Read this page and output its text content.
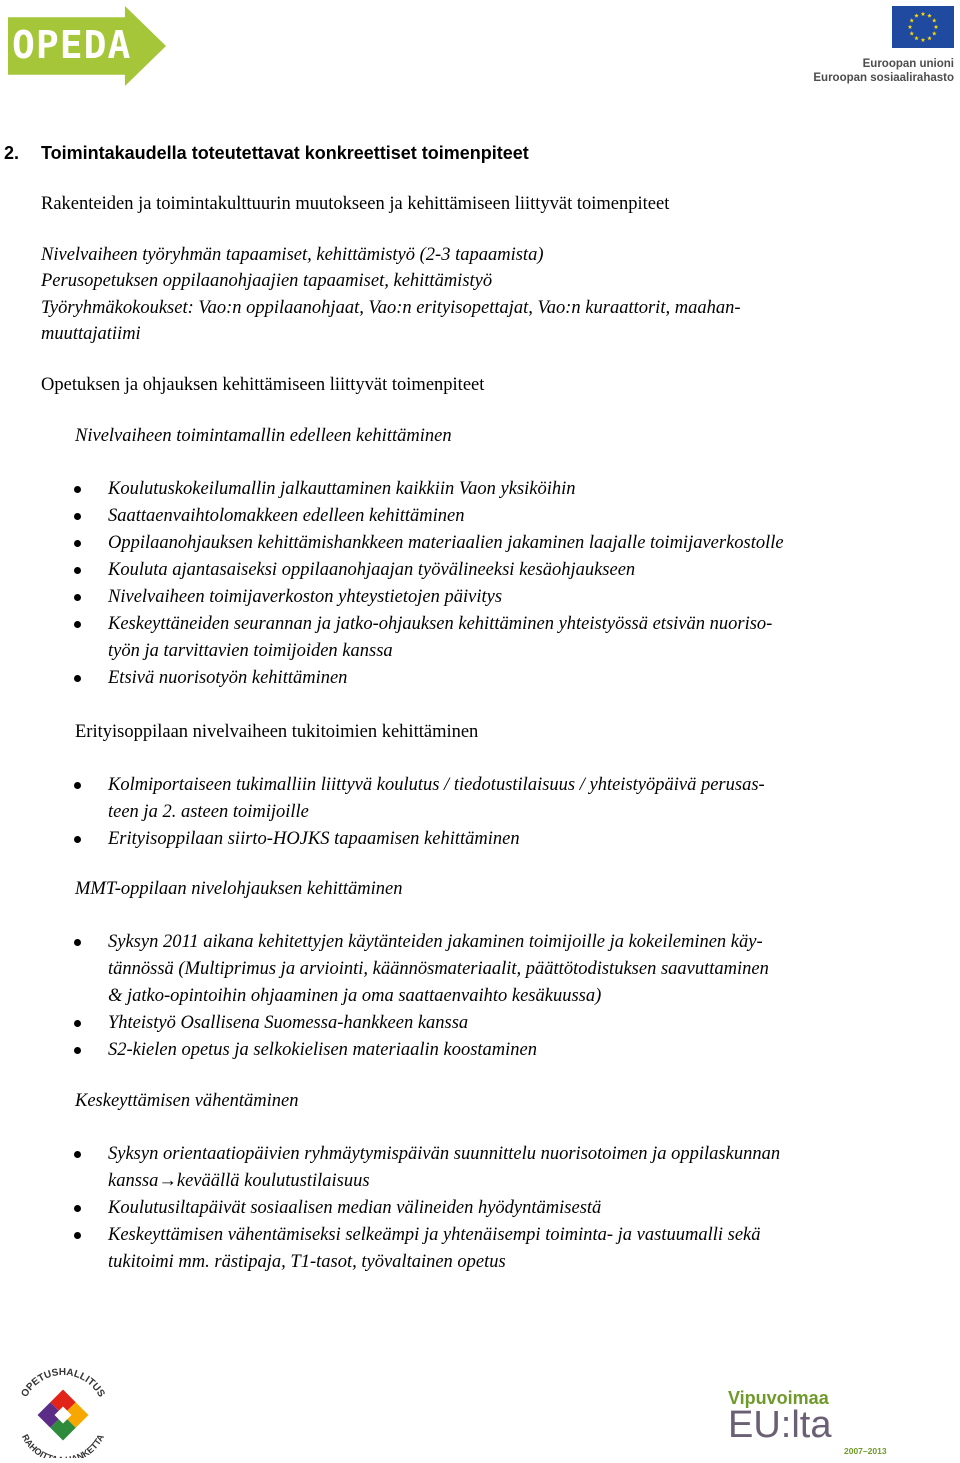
OPEDA	Euroopan unioni
Euroopan sosiaalirahasto
2. Toimintakaudella toteutettavat konkreettiset toimenpiteet
Rakenteiden ja toimintakulttuurin muutokseen ja kehittämiseen liittyvät toimenpiteet
Nivelvaiheen työryhmän tapaamiset, kehittämistyö (2-3 tapaamista)
Perusopetuksen oppilaanohjaajien tapaamiset, kehittämistyö
Työryhmäkokoukset: Vao:n oppilaanohjaat, Vao:n erityisopettajat, Vao:n kuraattorit, maahan-
muuttajatiimi
Opetuksen ja ohjauksen kehittämiseen liittyvät toimenpiteet
Nivelvaiheen toimintamallin edelleen kehittäminen
Koulutuskokeilumallin jalkauttaminen kaikkiin Vaon yksiköihin
Saattaenvaihtolomakkeen edelleen kehittäminen
Oppilaanohjauksen kehittämishankkeen materiaalien jakaminen laajalle toimijaverkostolle
Kouluta ajantasaiseksi oppilaanohjaajan työvälineeksi kesäohjaukseen
Nivelvaiheen toimijaverkoston yhteystietojen päivitys
Keskeyttäneiden seurannan ja jatko-ohjauksen kehittäminen yhteistyössä etsivän nuoriso-
työn ja tarvittavien toimijoiden kanssa
Etsivä nuorisotyön kehittäminen
Erityisoppilaan nivelvaiheen tukitoimien kehittäminen
Kolmiportaiseen tukimalliin liittyvä koulutus / tiedotustilaisuus / yhteistyöpäivä perusas-
teen ja 2. asteen toimijoille
Erityisoppilaan siirto-HOJKS tapaamisen kehittäminen
MMT-oppilaan nivelohjauksen kehittäminen
Syksyn 2011 aikana kehitettyjen käytänteiden jakaminen toimijoille ja kokeileminen käy-
tännössä (Multiprimus ja arviointi, käännösmateriaalit, päättötodistuksen saavuttaminen
& jatko-opintoihin ohjaaminen ja oma saattaenvaihto kesäkuussa)
Yhteistyö Osallisena Suomessa-hankkeen kanssa
S2-kielen opetus ja selkokielisen materiaalin koostaminen
Keskeyttämisen vähentäminen
Syksyn orientaatiopäivien ryhmäytymispäivän suunnittelu nuorisotoimen ja oppilaskunnan
kanssa→keväällä koulutustilaisuus
Koulutusiltapäivät sosiaalisen median välineiden hyödyntämisestä
Keskeyttämisen vähentämiseksi selkeämpi ja yhtenäisempi toiminta- ja vastuumalli sekä
tukitoimi mm. rästipaja, T1-tasot, työvaltainen opetus
OPETUSHALLITUS
RAHOITT NKETTA
Vipuvoimaa
EU:lta
2007–2013
